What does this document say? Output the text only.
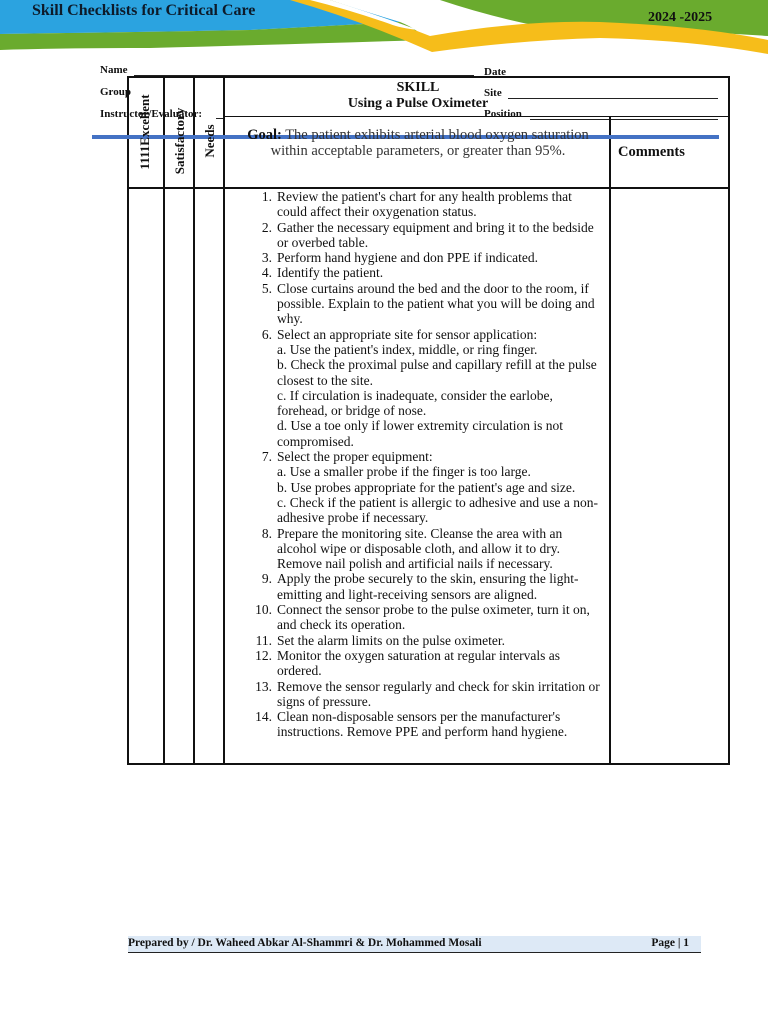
Skill Checklists for Critical Care	2024 -2025
Name
Group
Instructor/Evaluator:
Date
Site
Position
1111Excellent Satisfactory Needs
SKILL
Using a Pulse Oximeter
Goal: The patient exhibits arterial blood oxygen saturation within acceptable parameters, or greater than 95%.	Comments
1. Review the patient's chart for any health problems that could affect their oxygenation status.
2. Gather the necessary equipment and bring it to the bedside or overbed table.
3. Perform hand hygiene and don PPE if indicated.
4. Identify the patient.
5. Close curtains around the bed and the door to the room, if possible. Explain to the patient what you will be doing and why.
6. Select an appropriate site for sensor application:
a. Use the patient's index, middle, or ring finger.
b. Check the proximal pulse and capillary refill at the pulse closest to the site.
c. If circulation is inadequate, consider the earlobe, forehead, or bridge of nose.
d. Use a toe only if lower extremity circulation is not compromised.
7. Select the proper equipment:
a. Use a smaller probe if the finger is too large.
b. Use probes appropriate for the patient's age and size.
c. Check if the patient is allergic to adhesive and use a non-adhesive probe if necessary.
8. Prepare the monitoring site. Cleanse the area with an alcohol wipe or disposable cloth, and allow it to dry. Remove nail polish and artificial nails if necessary.
9. Apply the probe securely to the skin, ensuring the light-emitting and light-receiving sensors are aligned.
10. Connect the sensor probe to the pulse oximeter, turn it on, and check its operation.
11. Set the alarm limits on the pulse oximeter.
12. Monitor the oxygen saturation at regular intervals as ordered.
13. Remove the sensor regularly and check for skin irritation or signs of pressure.
14. Clean non-disposable sensors per the manufacturer's instructions. Remove PPE and perform hand hygiene.
Prepared by / Dr. Waheed Abkar Al-Shammri & Dr. Mohammed Mosali	Page | 1
